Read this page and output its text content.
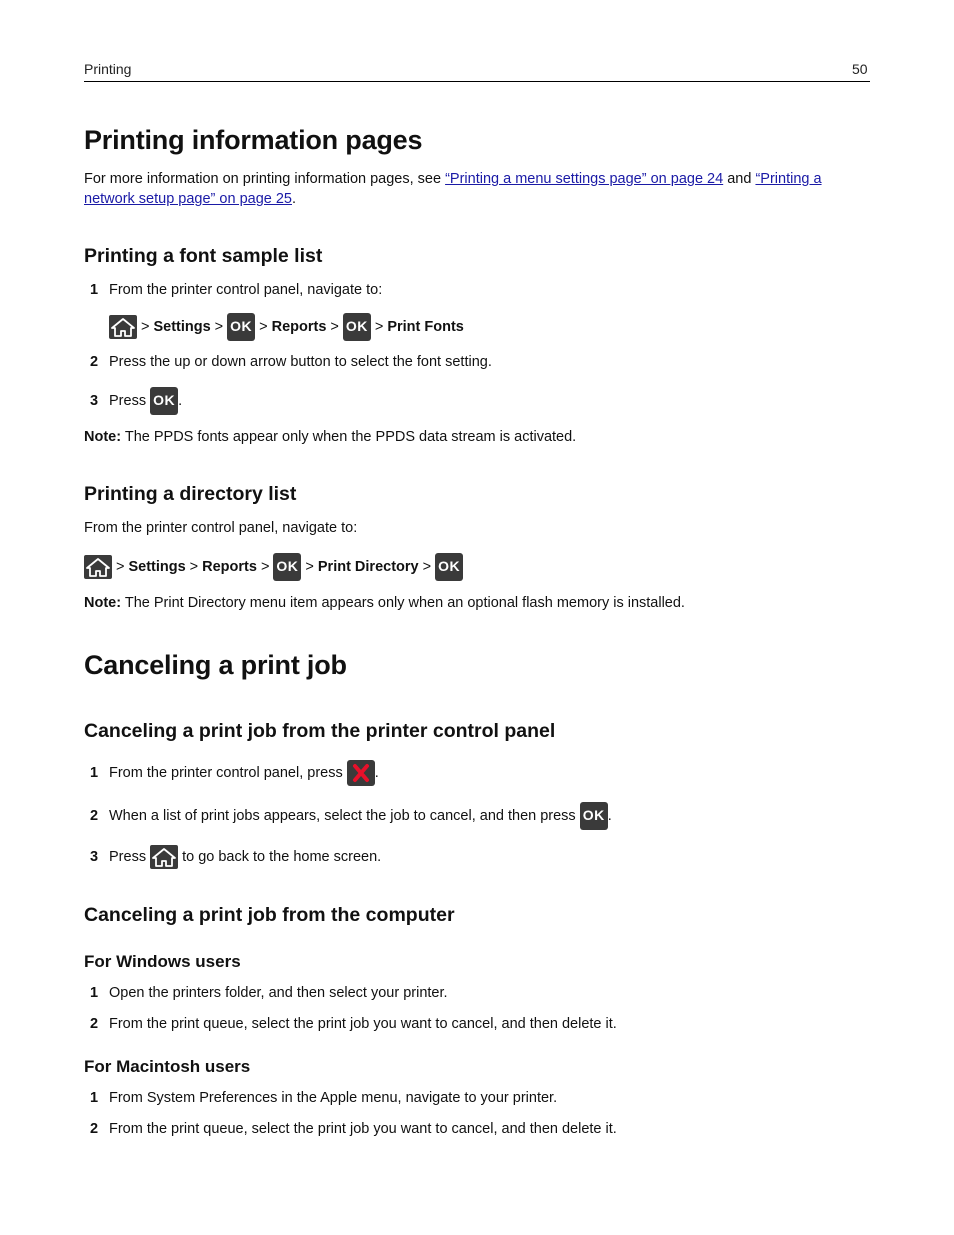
Printing	50
Printing information pages
For more information on printing information pages, see “Printing a menu settings page” on page 24 and “Printing a
network setup page” on page 25.
Printing a font sample list
1 From the printer control panel, navigate to:
> Settings > OK > Reports > OK > Print Fonts
2 Press the up or down arrow button to select the font setting.
3 Press OK .
Note: The PPDS fonts appear only when the PPDS data stream is activated.
Printing a directory list
From the printer control panel, navigate to:
> Settings > Reports > OK > Print Directory > OK
Note: The Print Directory menu item appears only when an optional flash memory is installed.
Canceling a print job
Canceling a print job from the printer control panel
1 From the printer control panel, press .
2 When a list of print jobs appears, select the job to cancel, and then press OK .
3 Press to go back to the home screen.
Canceling a print job from the computer
For Windows users
1 Open the printers folder, and then select your printer.
2 From the print queue, select the print job you want to cancel, and then delete it.
For Macintosh users
1 From System Preferences in the Apple menu, navigate to your printer.
2 From the print queue, select the print job you want to cancel, and then delete it.
